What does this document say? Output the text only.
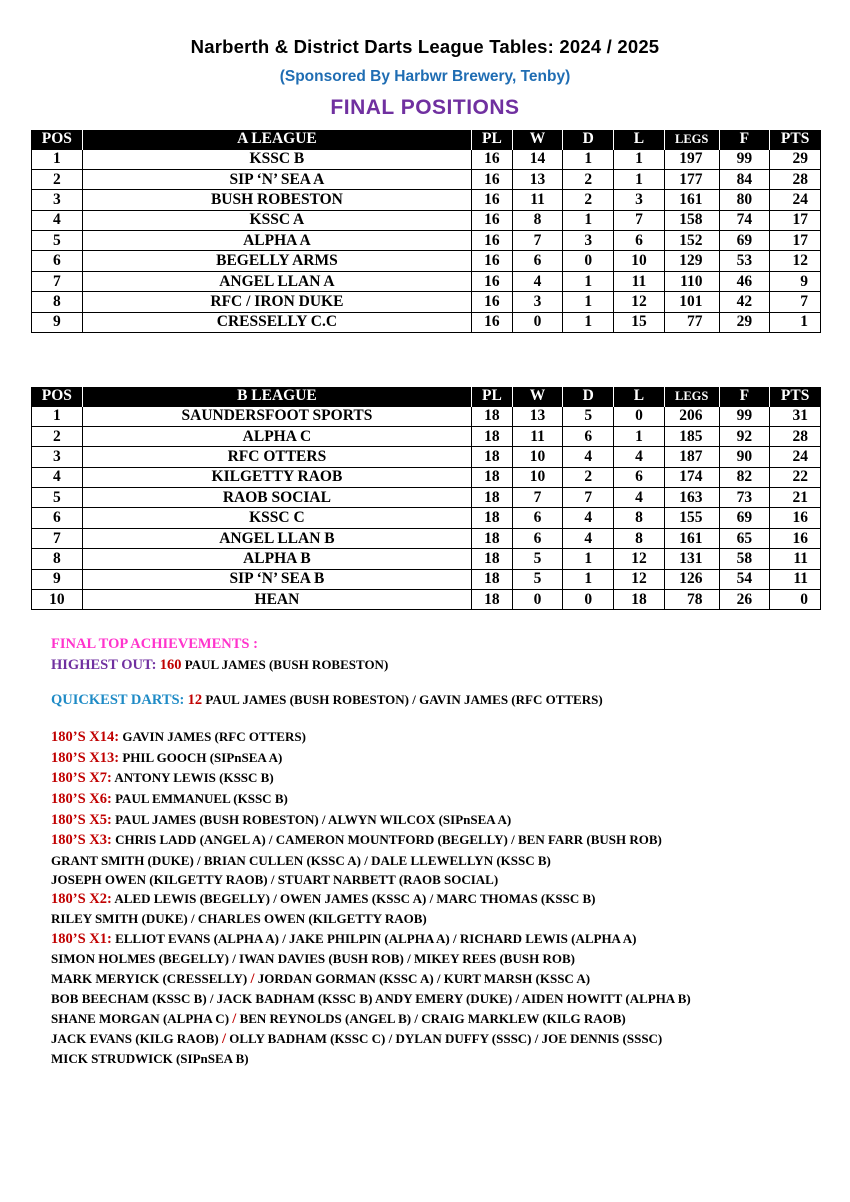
Narberth & District Darts League Tables: 2024 / 2025
(Sponsored By Harbwr Brewery, Tenby)
FINAL POSITIONS
POS	A LEAGUE	PL	W	D	L	LEGS	F	PTS
1	KSSC B	16	14	1	1	197	99	29
2	SIP ‘N’ SEA A	16	13	2	1	177	84	28
3	BUSH ROBESTON	16	11	2	3	161	80	24
4	KSSC A	16	8	1	7	158	74	17
5	ALPHA A	16	7	3	6	152	69	17
6	BEGELLY ARMS	16	6	0	10	129	53	12
7	ANGEL LLAN A	16	4	1	11	110	46	9
8	RFC / IRON DUKE	16	3	1	12	101	42	7
9	CRESSELLY C.C	16	0	1	15	77	29	1
POS	B LEAGUE	PL	W	D	L	LEGS	F	PTS
1	SAUNDERSFOOT SPORTS	18	13	5	0	206	99	31
2	ALPHA C	18	11	6	1	185	92	28
3	RFC OTTERS	18	10	4	4	187	90	24
4	KILGETTY RAOB	18	10	2	6	174	82	22
5	RAOB SOCIAL	18	7	7	4	163	73	21
6	KSSC C	18	6	4	8	155	69	16
7	ANGEL LLAN B	18	6	4	8	161	65	16
8	ALPHA B	18	5	1	12	131	58	11
9	SIP ‘N’ SEA B	18	5	1	12	126	54	11
10	HEAN	18	0	0	18	78	26	0
FINAL TOP ACHIEVEMENTS :
HIGHEST OUT: 160 PAUL JAMES (BUSH ROBESTON)
QUICKEST DARTS: 12 PAUL JAMES (BUSH ROBESTON) / GAVIN JAMES (RFC OTTERS)
180’S X14: GAVIN JAMES (RFC OTTERS)
180’S X13: PHIL GOOCH (SIPnSEA A)
180’S X7: ANTONY LEWIS (KSSC B)
180’S X6: PAUL EMMANUEL (KSSC B)
180’S X5: PAUL JAMES (BUSH ROBESTON) / ALWYN WILCOX (SIPnSEA A)
180’S X3: CHRIS LADD (ANGEL A) / CAMERON MOUNTFORD (BEGELLY) / BEN FARR (BUSH ROB)
GRANT SMITH (DUKE) / BRIAN CULLEN (KSSC A) / DALE LLEWELLYN (KSSC B)
JOSEPH OWEN (KILGETTY RAOB) / STUART NARBETT (RAOB SOCIAL)
180’S X2: ALED LEWIS (BEGELLY) / OWEN JAMES (KSSC A) / MARC THOMAS (KSSC B)
RILEY SMITH (DUKE) / CHARLES OWEN (KILGETTY RAOB)
180’S X1: ELLIOT EVANS (ALPHA A) / JAKE PHILPIN (ALPHA A) / RICHARD LEWIS (ALPHA A)
SIMON HOLMES (BEGELLY) / IWAN DAVIES (BUSH ROB) / MIKEY REES (BUSH ROB)
MARK MERYICK (CRESSELLY) / JORDAN GORMAN (KSSC A) / KURT MARSH (KSSC A)
BOB BEECHAM (KSSC B) / JACK BADHAM (KSSC B) ANDY EMERY (DUKE) / AIDEN HOWITT (ALPHA B)
SHANE MORGAN (ALPHA C) / BEN REYNOLDS (ANGEL B) / CRAIG MARKLEW (KILG RAOB)
JACK EVANS (KILG RAOB) / OLLY BADHAM (KSSC C) / DYLAN DUFFY (SSSC) / JOE DENNIS (SSSC)
MICK STRUDWICK (SIPnSEA B)
